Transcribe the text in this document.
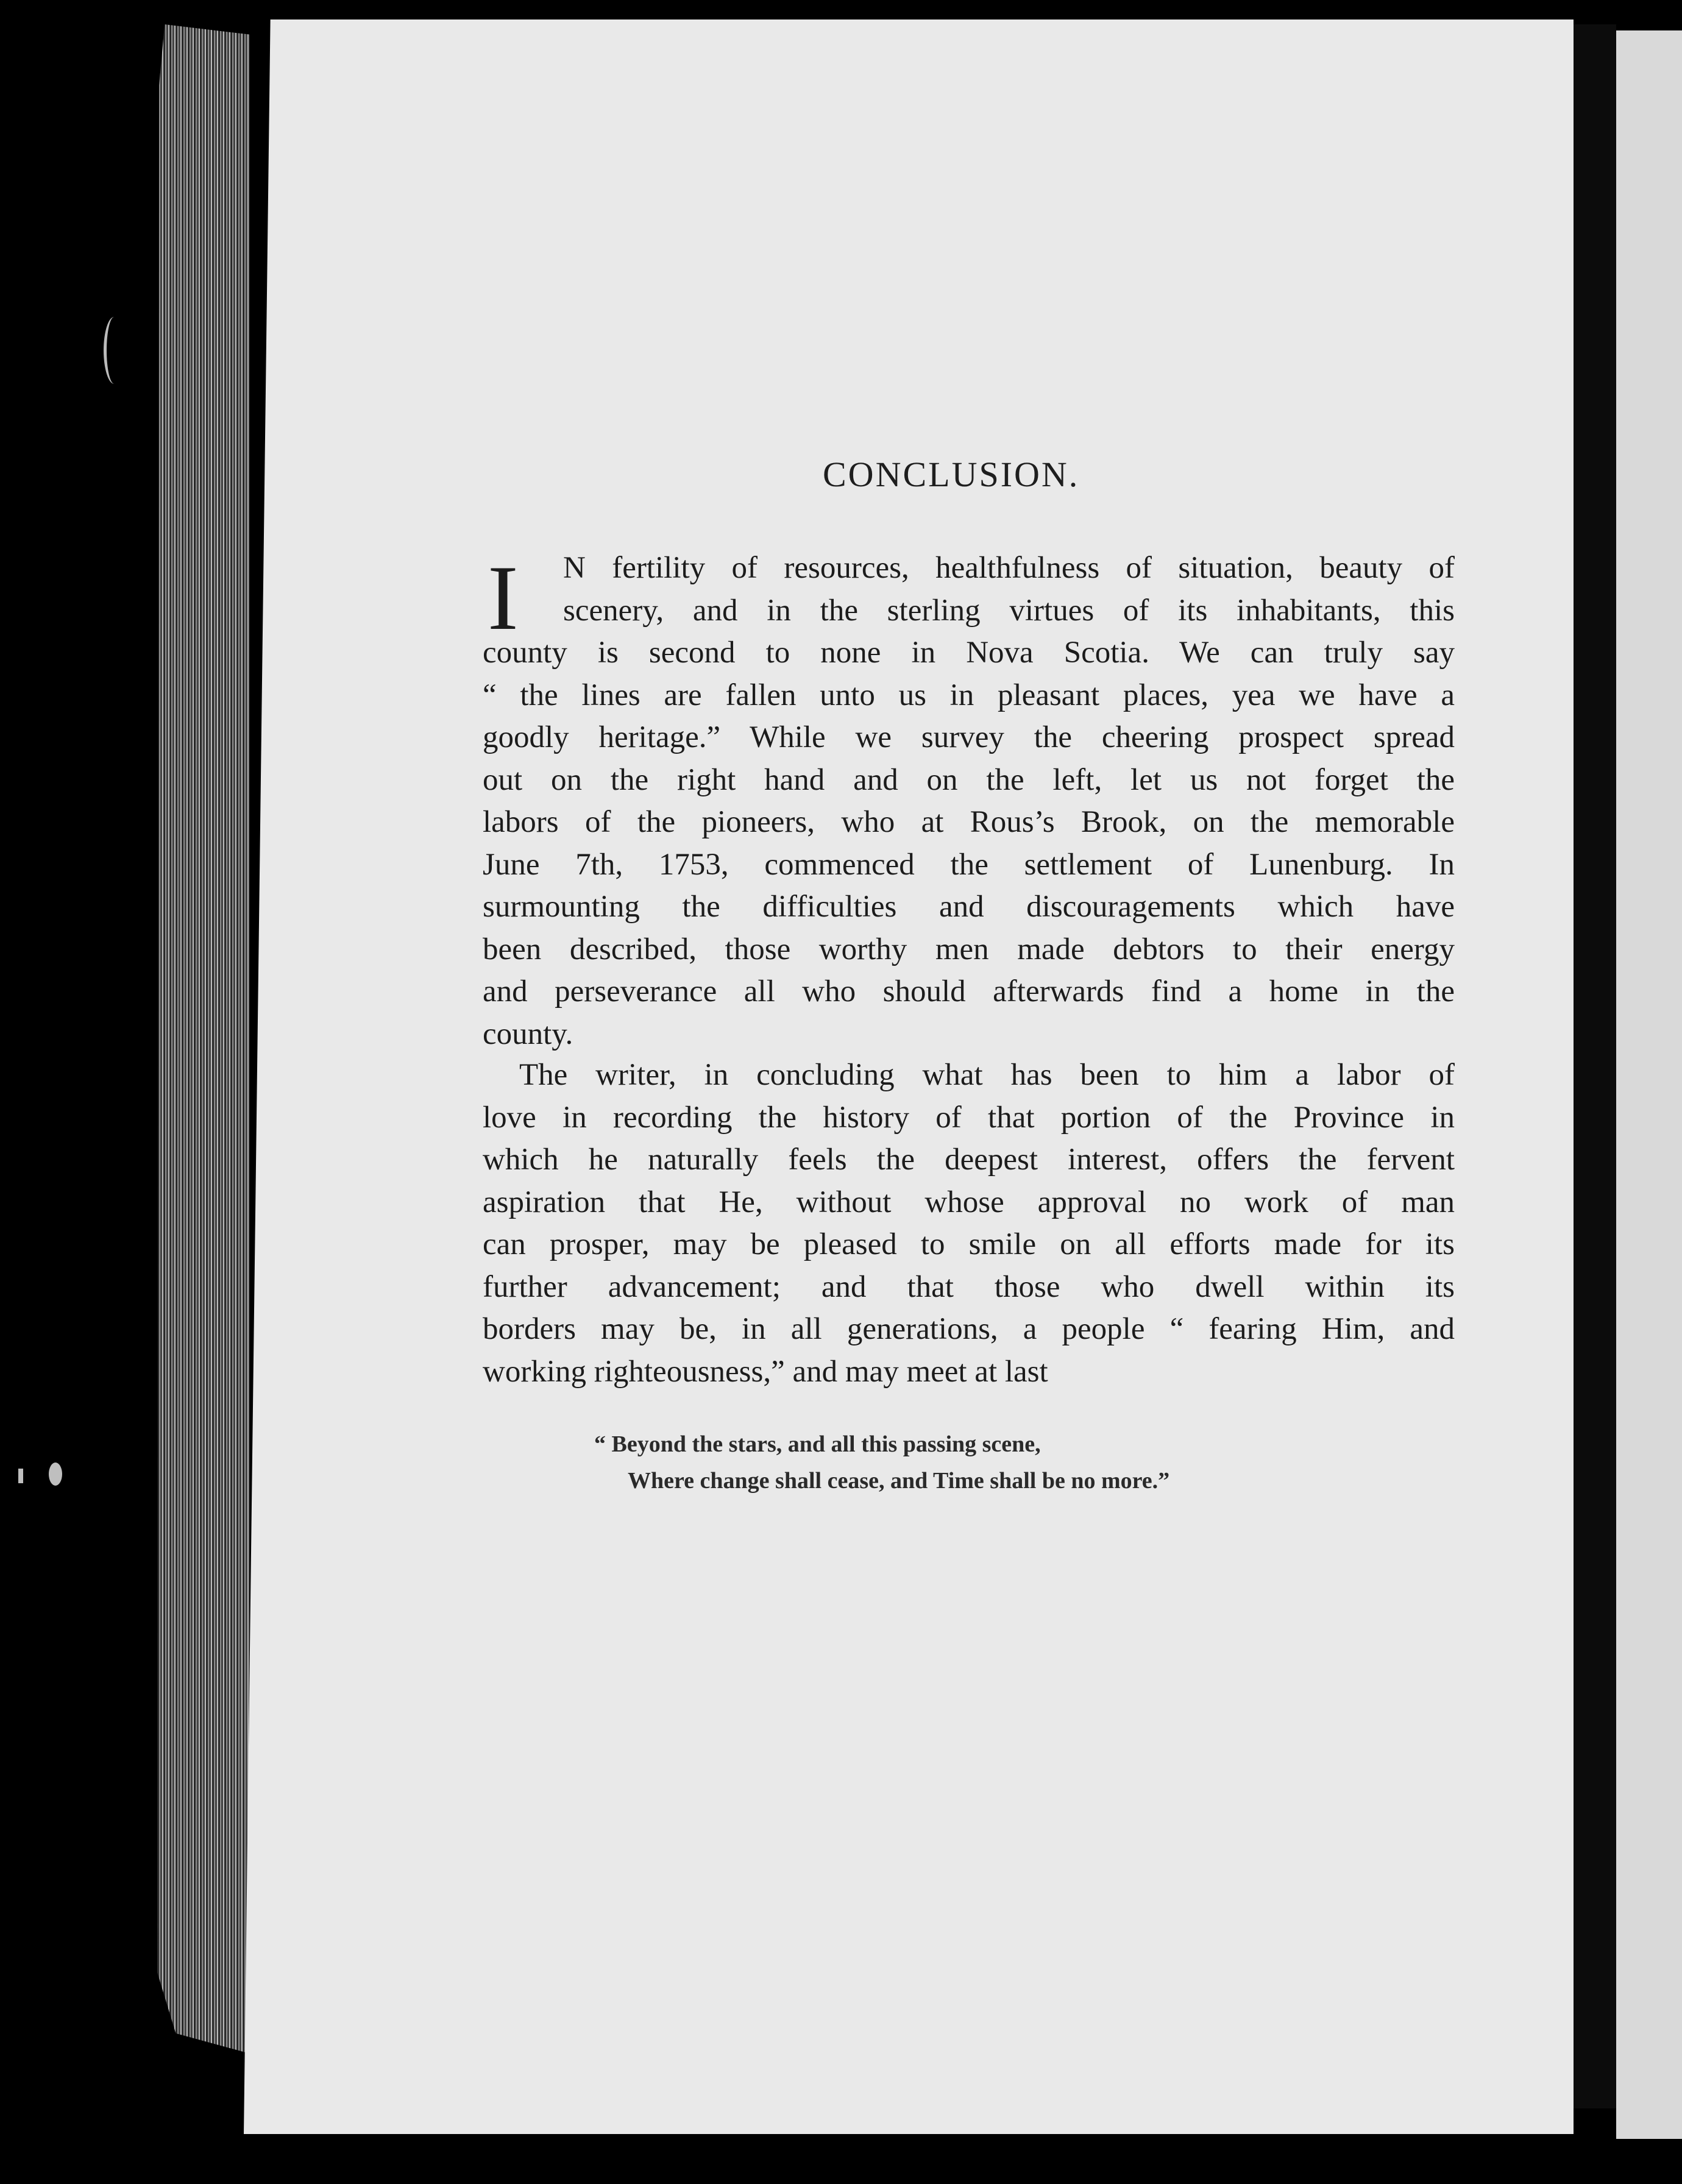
CONCLUSION.
I	N fertility of resources, healthfulness of situation, beauty of
scenery, and in the sterling virtues of its inhabitants, this
county is second to none in Nova Scotia. We can truly say
“ the lines are fallen unto us in pleasant places, yea we have a
goodly heritage.” While we survey the cheering prospect spread
out on the right hand and on the left, let us not forget the
labors of the pioneers, who at Rous’s Brook, on the memorable
June 7th, 1753, commenced the settlement of Lunenburg. In
surmounting the difficulties and discouragements which have
been described, those worthy men made debtors to their energy
and perseverance all who should afterwards find a home in the
county.
The writer, in concluding what has been to him a labor of
love in recording the history of that portion of the Province in
which he naturally feels the deepest interest, offers the fervent
aspiration that He, without whose approval no work of man
can prosper, may be pleased to smile on all efforts made for its
further advancement; and that those who dwell within its
borders may be, in all generations, a people “ fearing Him, and
working righteousness,” and may meet at last
“ Beyond the stars, and all this passing scene,
Where change shall cease, and Time shall be no more.”
